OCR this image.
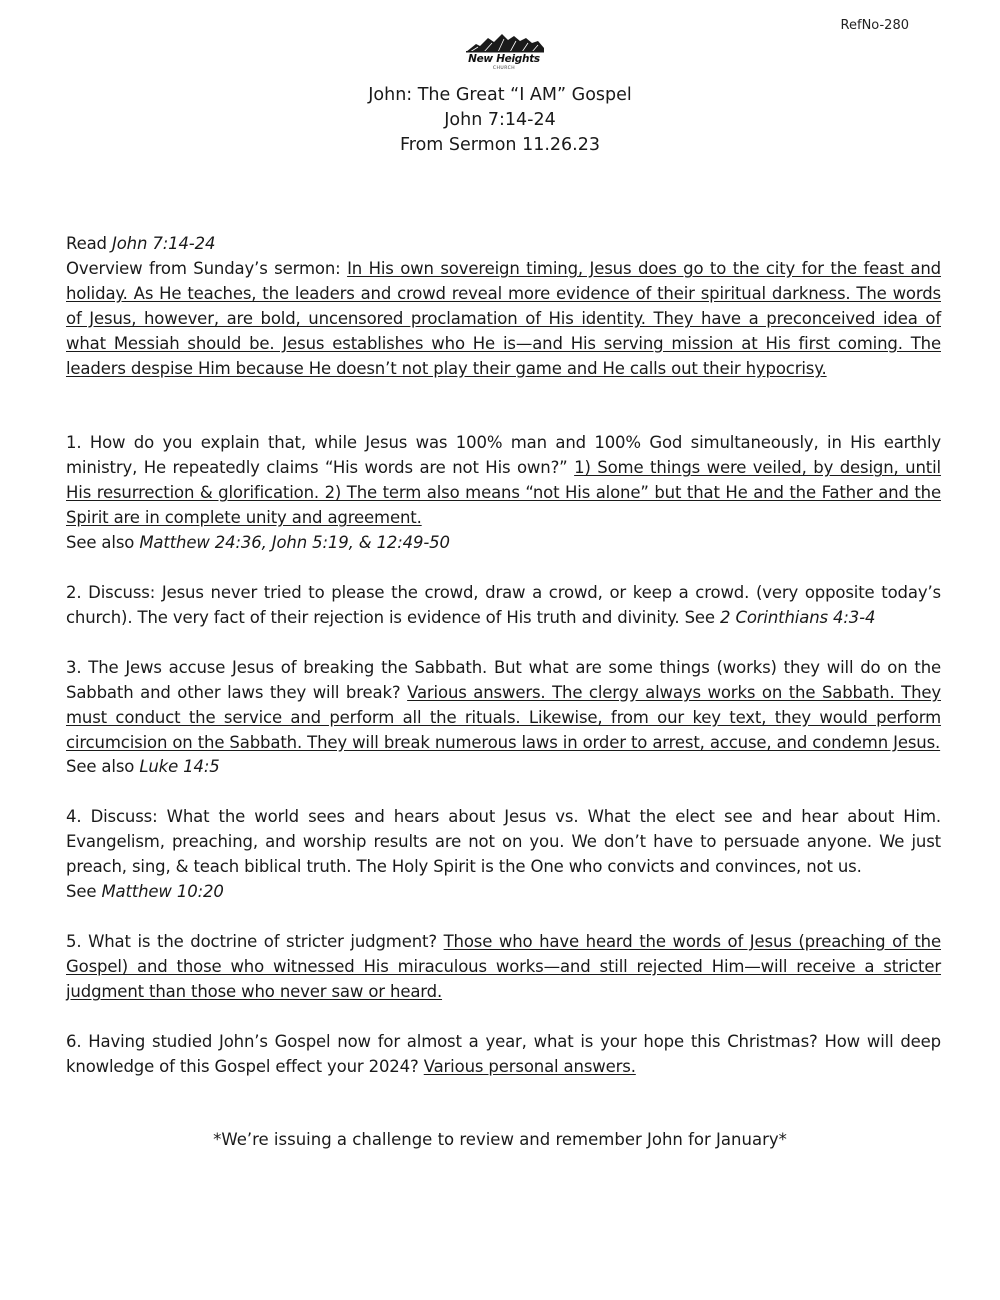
RefNo-280
New Heights
CHURCH
John: The Great “I AM” Gospel
John 7:14-24
From Sermon 11.26.23

Read John 7:14-24

Overview from Sunday’s sermon: In His own sovereign timing, Jesus does go to the city for the feast and holiday. As He teaches, the leaders and crowd reveal more evidence of their spiritual darkness. The words of Jesus, however, are bold, uncensored proclamation of His identity. They have a preconceived idea of what Messiah should be. Jesus establishes who He is—and His serving mission at His first coming. The leaders despise Him because He doesn’t not play their game and He calls out their hypocrisy.

1. How do you explain that, while Jesus was 100% man and 100% God simultaneously, in His earthly ministry, He repeatedly claims “His words are not His own?” 1) Some things were veiled, by design, until His resurrection & glorification. 2) The term also means “not His alone” but that He and the Father and the Spirit are in complete unity and agreement.

See also Matthew 24:36, John 5:19, & 12:49-50

2. Discuss: Jesus never tried to please the crowd, draw a crowd, or keep a crowd. (very opposite today’s church). The very fact of their rejection is evidence of His truth and divinity. See 2 Corinthians 4:3-4

3. The Jews accuse Jesus of breaking the Sabbath. But what are some things (works) they will do on the Sabbath and other laws they will break? Various answers. The clergy always works on the Sabbath. They must conduct the service and perform all the rituals. Likewise, from our key text, they would perform circumcision on the Sabbath. They will break numerous laws in order to arrest, accuse, and condemn Jesus.

See also Luke 14:5

4. Discuss: What the world sees and hears about Jesus vs. What the elect see and hear about Him. Evangelism, preaching, and worship results are not on you. We don’t have to persuade anyone. We just preach, sing, & teach biblical truth. The Holy Spirit is the One who convicts and convinces, not us.

See Matthew 10:20

5. What is the doctrine of stricter judgment? Those who have heard the words of Jesus (preaching of the Gospel) and those who witnessed His miraculous works—and still rejected Him—will receive a stricter judgment than those who never saw or heard.

6. Having studied John’s Gospel now for almost a year, what is your hope this Christmas? How will deep knowledge of this Gospel effect your 2024? Various personal answers.

*We’re issuing a challenge to review and remember John for January*
